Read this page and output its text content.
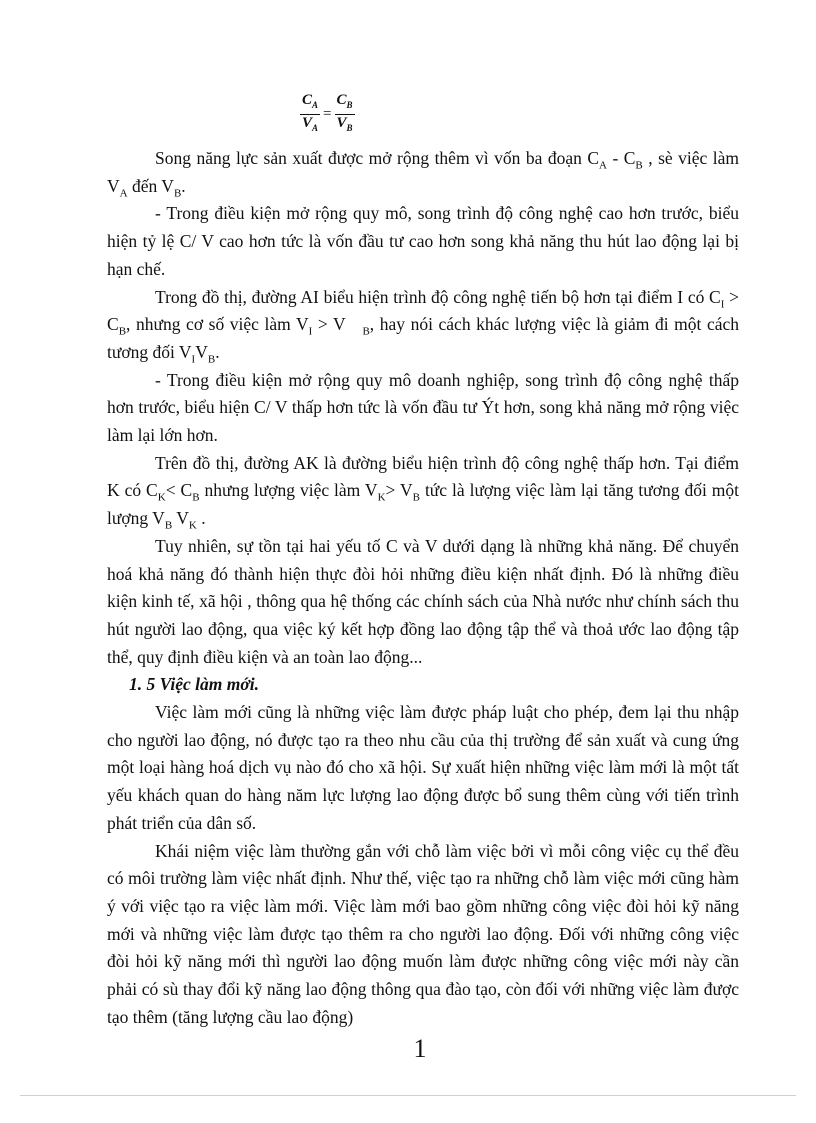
$\frac{C_A}{V_A} = \frac{C_B}{V_B}$

Song năng lực sản xuất được mở rộng thêm vì vốn ba đoạn $C_A - C_B$ , sè việc làm $V_A$ đến $V_B$.

- Trong điều kiện mở rộng quy mô, song trình độ công nghệ cao hơn trước, biểu hiện tỷ lệ C/ V cao hơn tức là vốn đầu tư cao hơn song khả năng thu hút lao động lại bị hạn chế.

Trong đồ thị, đường AI biểu hiện trình độ công nghệ tiến bộ hơn tại điểm I có $C_I > C_B$, nhưng cơ số việc làm $V_I > V$ $_B$, hay nói cách khác lượng việc là giảm đi một cách tương đối $V_IV_B$.

- Trong điều kiện mở rộng quy mô doanh nghiệp, song trình độ công nghệ thấp hơn trước, biểu hiện C/ V thấp hơn tức là vốn đầu tư Ýt hơn, song khả năng mở rộng việc làm lại lớn hơn.

Trên đồ thị, đường AK là đường biểu hiện trình độ công nghệ thấp hơn. Tại điểm K có $C_K< C_B$ nhưng lượng việc làm $V_K> V_B$ tức là lượng việc làm lại tăng tương đối một lượng $V_B$ $V_K$ .

Tuy nhiên, sự tồn tại hai yếu tố C và V dưới dạng là những khả năng. Để chuyển hoá khả năng đó thành hiện thực đòi hỏi những điều kiện nhất định. Đó là những điều kiện kinh tế, xã hội , thông qua hệ thống các chính sách của Nhà nước như chính sách thu hút người lao động, qua việc ký kết hợp đồng lao động tập thể và thoả ước lao động tập thể, quy định điều kiện và an toàn lao động...

1. 5 Việc làm mới.

Việc làm mới cũng là những việc làm được pháp luật cho phép, đem lại thu nhập cho người lao động, nó được tạo ra theo nhu cầu của thị trường để sản xuất và cung ứng một loại hàng hoá dịch vụ nào đó cho xã hội. Sự xuất hiện những việc làm mới là một tất yếu khách quan do hàng năm lực lượng lao động được bổ sung thêm cùng với tiến trình phát triển của dân số.

Khái niệm việc làm thường gắn với chỗ làm việc bởi vì mỗi công việc cụ thể đều có môi trường làm việc nhất định. Như thế, việc tạo ra những chỗ làm việc mới cũng hàm ý với việc tạo ra việc làm mới. Việc làm mới bao gồm những công việc đòi hỏi kỹ năng mới và những việc làm được tạo thêm ra cho người lao động. Đối với những công việc đòi hỏi kỹ năng mới thì người lao động muốn làm được những công việc mới này cần phải có sù thay đổi kỹ năng lao động thông qua đào tạo, còn đối với những việc làm được tạo thêm (tăng lượng cầu lao động)

1
